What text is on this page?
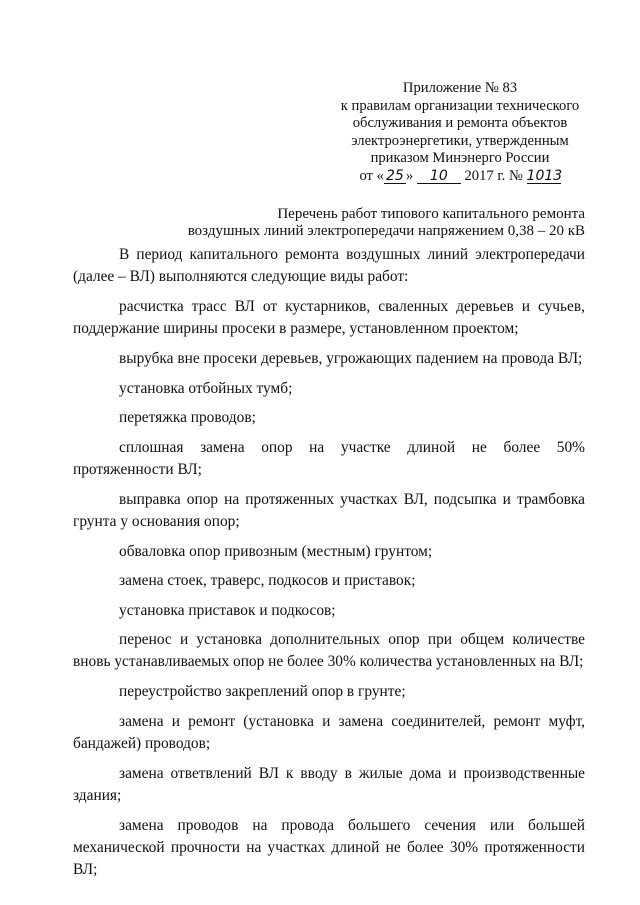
Приложение № 83
к правилам организации технического
обслуживания и ремонта объектов
электроэнергетики, утвержденным
приказом Минэнерго России
от « 25 » 10 2017 г. № 1013
Перечень работ типового капитального ремонта
воздушных линий электропередачи напряжением 0,38 – 20 кВ

В период капитального ремонта воздушных линий электропередачи (далее – ВЛ) выполняются следующие виды работ:

расчистка трасс ВЛ от кустарников, сваленных деревьев и сучьев, поддержание ширины просеки в размере, установленном проектом;

вырубка вне просеки деревьев, угрожающих падением на провода ВЛ;

установка отбойных тумб;

перетяжка проводов;

сплошная замена опор на участке длиной не более 50% протяженности ВЛ;

выправка опор на протяженных участках ВЛ, подсыпка и трамбовка грунта у основания опор;

обваловка опор привозным (местным) грунтом;

замена стоек, траверс, подкосов и приставок;

установка приставок и подкосов;

перенос и установка дополнительных опор при общем количестве вновь устанавливаемых опор не более 30% количества установленных на ВЛ;

переустройство закреплений опор в грунте;

замена и ремонт (установка и замена соединителей, ремонт муфт, бандажей) проводов;

замена ответвлений ВЛ к вводу в жилые дома и производственные здания;

замена проводов на провода большего сечения или большей механической прочности на участках длиной не более 30% протяженности ВЛ;
